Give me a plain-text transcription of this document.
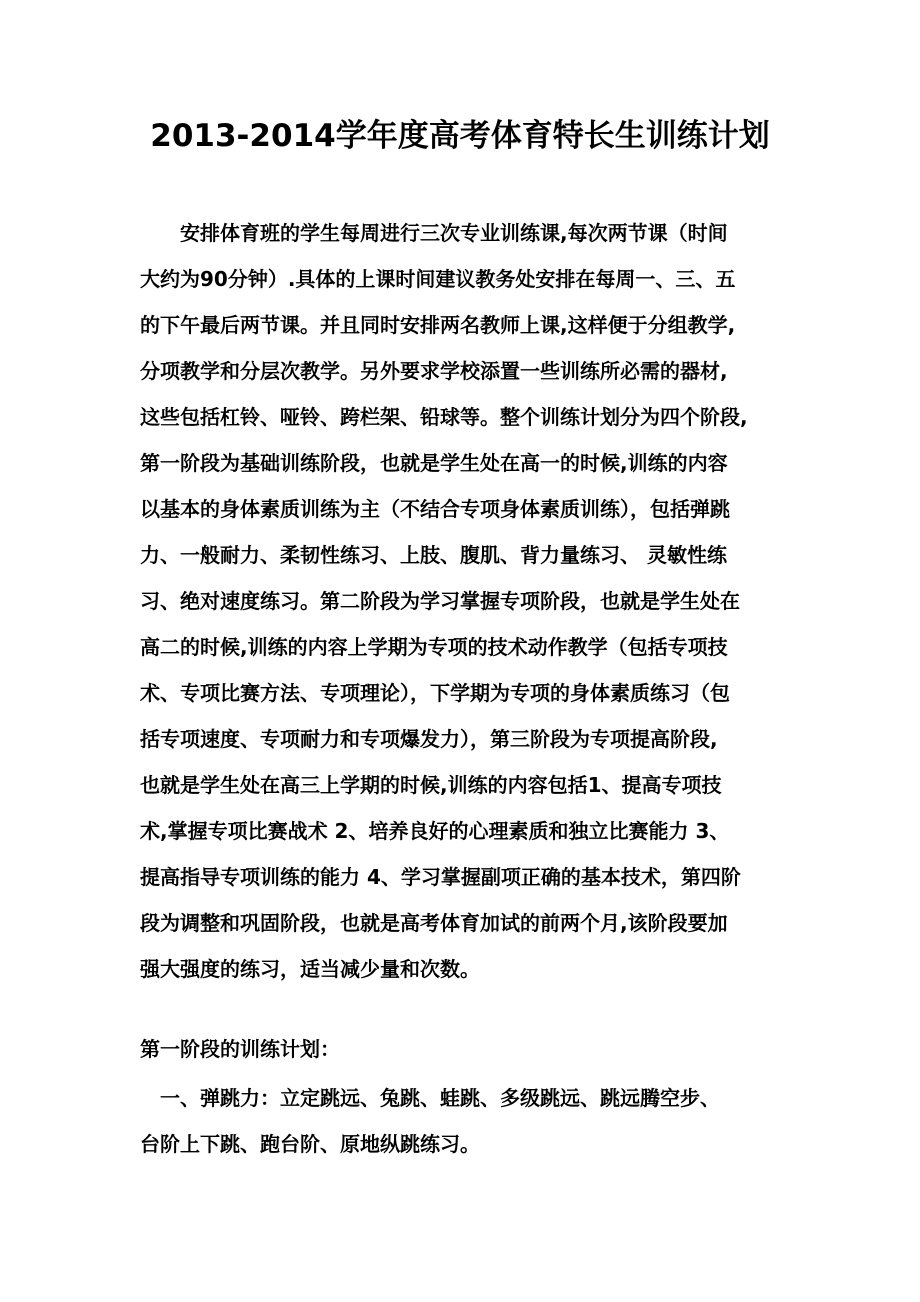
2013-2014学年度高考体育特长生训练计划
安排体育班的学生每周进行三次专业训练课,每次两节课（时间
大约为90分钟）.具体的上课时间建议教务处安排在每周一、三、五
的下午最后两节课。并且同时安排两名教师上课,这样便于分组教学,
分项教学和分层次教学。另外要求学校添置一些训练所必需的器材,
这些包括杠铃、哑铃、跨栏架、铅球等。整个训练计划分为四个阶段,
第一阶段为基础训练阶段，也就是学生处在高一的时候,训练的内容
以基本的身体素质训练为主（不结合专项身体素质训练），包括弹跳
力、一般耐力、柔韧性练习、上肢、腹肌、背力量练习、 灵敏性练
习、绝对速度练习。第二阶段为学习掌握专项阶段，也就是学生处在
高二的时候,训练的内容上学期为专项的技术动作教学（包括专项技
术、专项比赛方法、专项理论），下学期为专项的身体素质练习（包
括专项速度、专项耐力和专项爆发力），第三阶段为专项提高阶段,
也就是学生处在高三上学期的时候,训练的内容包括1、提高专项技
术,掌握专项比赛战术 2、培养良好的心理素质和独立比赛能力 3、
提高指导专项训练的能力 4、学习掌握副项正确的基本技术，第四阶
段为调整和巩固阶段，也就是高考体育加试的前两个月,该阶段要加
强大强度的练习，适当减少量和次数。
第一阶段的训练计划：
一、弹跳力：立定跳远、兔跳、蛙跳、多级跳远、跳远腾空步、
台阶上下跳、跑台阶、原地纵跳练习。
